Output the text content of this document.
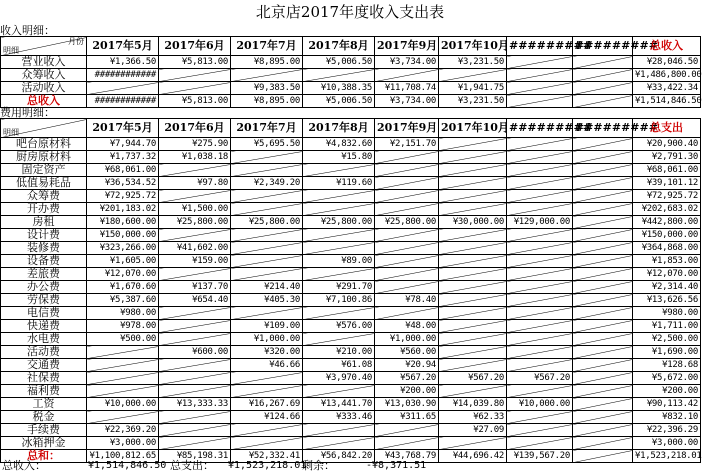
北京店2017年度收入支出表
收入明细：
月份
明细	2017年5月	2017年6月	2017年7月	2017年8月	2017年9月	2017年10月	#########	#########	总收入
营业收入	¥1,366.50	¥5,813.00	¥8,895.00	¥5,006.50	¥3,734.00	¥3,231.50			¥28,046.50
众筹收入	############								¥1,486,800.00
活动收入			¥9,383.50	¥10,388.35	¥11,708.74	¥1,941.75			¥33,422.34
总收入	############	¥5,813.00	¥8,895.00	¥5,006.50	¥3,734.00	¥3,231.50			¥1,514,846.50
费用明细：
明细	2017年5月	2017年6月	2017年7月	2017年8月	2017年9月	2017年10月	#########	#########	总支出
吧台原材料	¥7,944.70	¥275.90	¥5,695.50	¥4,832.60	¥2,151.70				¥20,900.40
厨房原材料	¥1,737.32	¥1,038.18		¥15.80					¥2,791.30
固定资产	¥68,061.00								¥68,061.00
低值易耗品	¥36,534.52	¥97.80	¥2,349.20	¥119.60					¥39,101.12
众筹费	¥72,925.72								¥72,925.72
开办费	¥201,183.02	¥1,500.00							¥202,683.02
房租	¥180,600.00	¥25,800.00	¥25,800.00	¥25,800.00	¥25,800.00	¥30,000.00	¥129,000.00		¥442,800.00
设计费	¥150,000.00								¥150,000.00
装修费	¥323,266.00	¥41,602.00							¥364,868.00
设备费	¥1,605.00	¥159.00		¥89.00					¥1,853.00
差旅费	¥12,070.00								¥12,070.00
办公费	¥1,670.60	¥137.70	¥214.40	¥291.70					¥2,314.40
劳保费	¥5,387.60	¥654.40	¥405.30	¥7,100.86	¥78.40				¥13,626.56
电信费	¥980.00								¥980.00
快递费	¥978.00		¥109.00	¥576.00	¥48.00				¥1,711.00
水电费	¥500.00		¥1,000.00		¥1,000.00				¥2,500.00
活动费		¥600.00	¥320.00	¥210.00	¥560.00				¥1,690.00
交通费			¥46.66	¥61.08	¥20.94				¥128.68
社保费				¥3,970.40	¥567.20	¥567.20	¥567.20		¥5,672.00
福利费					¥200.00				¥200.00
工资	¥10,000.00	¥13,333.33	¥16,267.69	¥13,441.70	¥13,030.90	¥14,039.80	¥10,000.00		¥90,113.42
税金			¥124.66	¥333.46	¥311.65	¥62.33			¥832.10
手续费	¥22,369.20					¥27.09			¥22,396.29
冰箱押金	¥3,000.00								¥3,000.00
总和：	¥1,100,812.65	¥85,198.31	¥52,332.41	¥56,842.20	¥43,768.79	¥44,696.42	¥139,567.20		¥1,523,218.01
总收入：	¥1,514,846.50 总支出： ¥1,523,218.01
剩余：	-¥8,371.51
